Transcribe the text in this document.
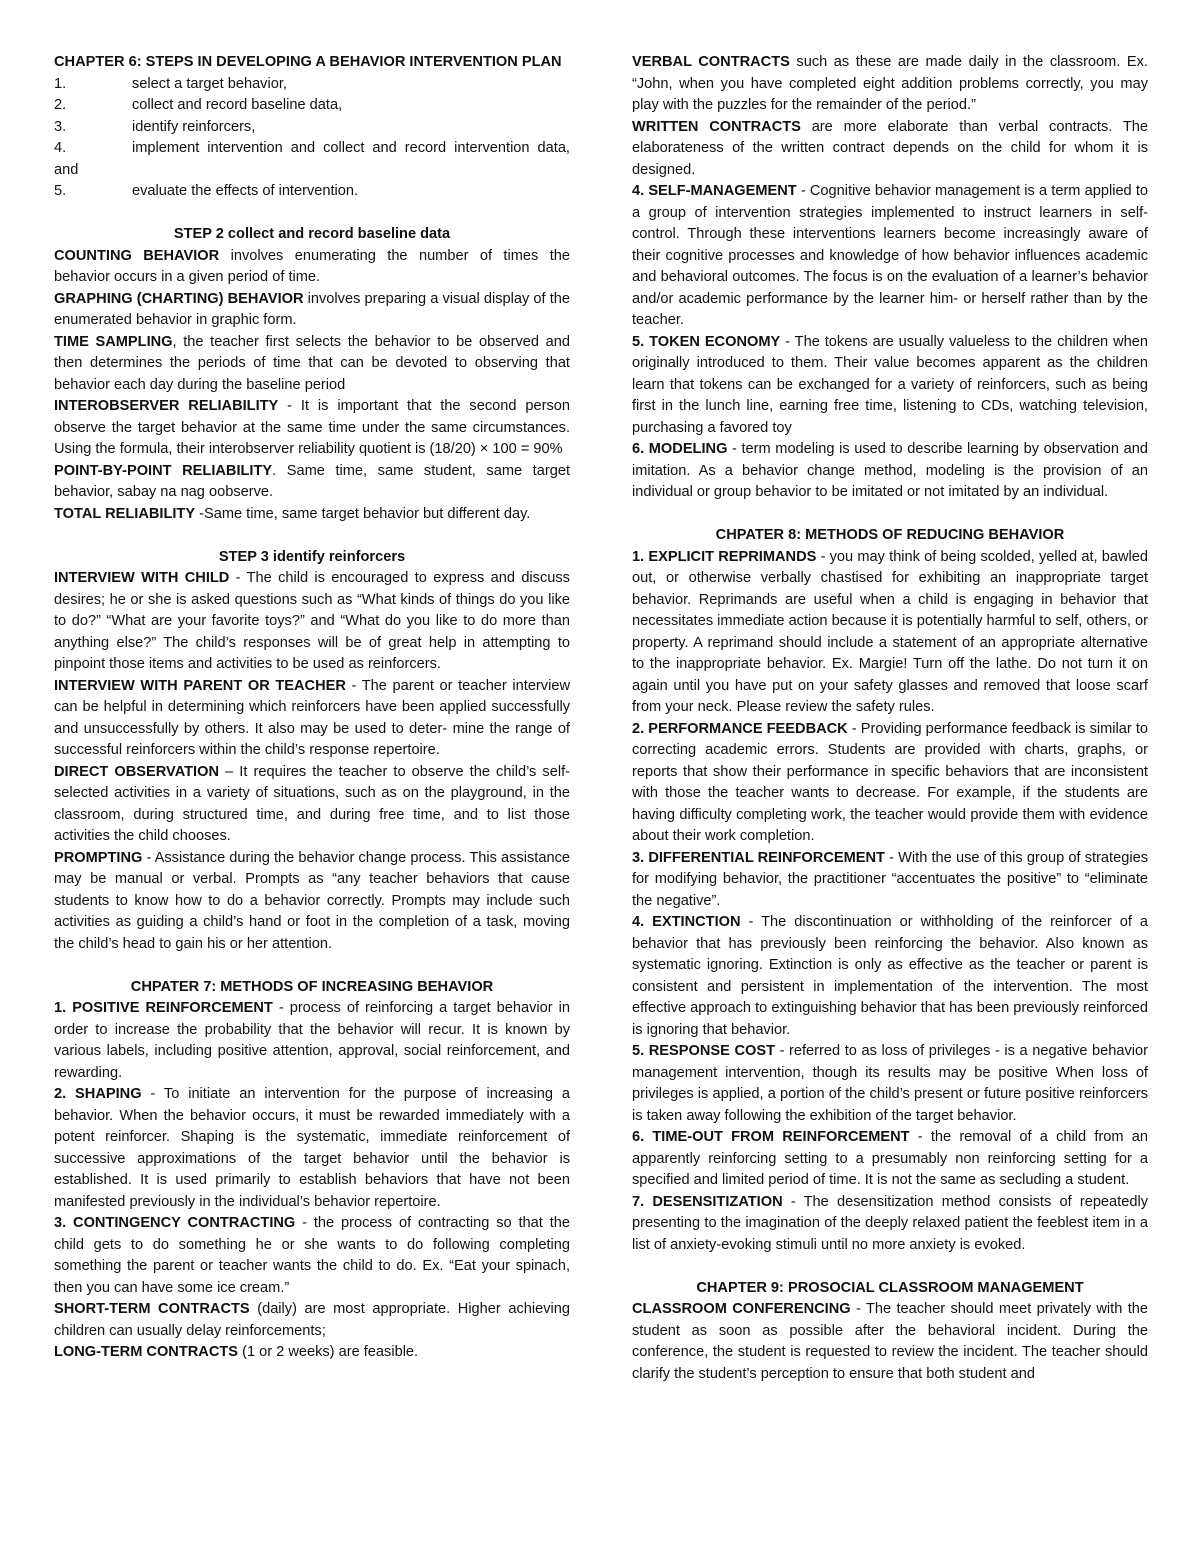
CHAPTER 6: STEPS IN DEVELOPING A BEHAVIOR INTERVENTION PLAN

1.	select a target behavior,

2.	collect and record baseline data,

3.	identify reinforcers,

4.	implement intervention and collect and record intervention data, and

5.	evaluate the effects of intervention.

STEP 2 collect and record baseline data

COUNTING BEHAVIOR involves enumerating the number of times the behavior occurs in a given period of time.

GRAPHING (CHARTING) BEHAVIOR involves preparing a visual display of the enumerated behavior in graphic form.

TIME SAMPLING, the teacher first selects the behavior to be observed and then determines the periods of time that can be devoted to observing that behavior each day during the baseline period

INTEROBSERVER RELIABILITY - It is important that the second person observe the target behavior at the same time under the same circumstances. Using the formula, their interobserver reliability quotient is (18/20) × 100 = 90%

POINT-BY-POINT RELIABILITY. Same time, same student, same target behavior, sabay na nag oobserve.

TOTAL RELIABILITY -Same time, same target behavior but different day.

STEP 3 identify reinforcers

INTERVIEW WITH CHILD - The child is encouraged to express and discuss desires; he or she is asked questions such as “What kinds of things do you like to do?” “What are your favorite toys?” and “What do you like to do more than anything else?” The child’s responses will be of great help in attempting to pinpoint those items and activities to be used as reinforcers.

INTERVIEW WITH PARENT OR TEACHER - The parent or teacher interview can be helpful in determining which reinforcers have been applied successfully and unsuccessfully by others. It also may be used to deter- mine the range of successful reinforcers within the child’s response repertoire.

DIRECT OBSERVATION – It requires the teacher to observe the child’s self-selected activities in a variety of situations, such as on the playground, in the classroom, during structured time, and during free time, and to list those activities the child chooses.

PROMPTING - Assistance during the behavior change process. This assistance may be manual or verbal. Prompts as “any teacher behaviors that cause students to know how to do a behavior correctly. Prompts may include such activities as guiding a child’s hand or foot in the completion of a task, moving the child’s head to gain his or her attention.

CHPATER 7: METHODS OF INCREASING BEHAVIOR

1. POSITIVE REINFORCEMENT - process of reinforcing a target behavior in order to increase the probability that the behavior will recur. It is known by various labels, including positive attention, approval, social reinforcement, and rewarding.

2. SHAPING - To initiate an intervention for the purpose of increasing a behavior. When the behavior occurs, it must be rewarded immediately with a potent reinforcer. Shaping is the systematic, immediate reinforcement of successive approximations of the target behavior until the behavior is established. It is used primarily to establish behaviors that have not been manifested previously in the individual’s behavior repertoire.

3. CONTINGENCY CONTRACTING - the process of contracting so that the child gets to do something he or she wants to do following completing something the parent or teacher wants the child to do. Ex. “Eat your spinach, then you can have some ice cream.”

SHORT-TERM CONTRACTS (daily) are most appropriate. Higher achieving children can usually delay reinforcements;

LONG-TERM CONTRACTS (1 or 2 weeks) are feasible.

VERBAL CONTRACTS such as these are made daily in the classroom. Ex. “John, when you have completed eight addition problems correctly, you may play with the puzzles for the remainder of the period.”

WRITTEN CONTRACTS are more elaborate than verbal contracts. The elaborateness of the written contract depends on the child for whom it is designed.

4. SELF-MANAGEMENT - Cognitive behavior management is a term applied to a group of intervention strategies implemented to instruct learners in self-control. Through these interventions learners become increasingly aware of their cognitive processes and knowledge of how behavior influences academic and behavioral outcomes. The focus is on the evaluation of a learner’s behavior and/or academic performance by the learner him- or herself rather than by the teacher.

5. TOKEN ECONOMY - The tokens are usually valueless to the children when originally introduced to them. Their value becomes apparent as the children learn that tokens can be exchanged for a variety of reinforcers, such as being first in the lunch line, earning free time, listening to CDs, watching television, purchasing a favored toy

6. MODELING - term modeling is used to describe learning by observation and imitation. As a behavior change method, modeling is the provision of an individual or group behavior to be imitated or not imitated by an individual.

CHPATER 8: METHODS OF REDUCING BEHAVIOR

1. EXPLICIT REPRIMANDS - you may think of being scolded, yelled at, bawled out, or otherwise verbally chastised for exhibiting an inappropriate target behavior. Reprimands are useful when a child is engaging in behavior that necessitates immediate action because it is potentially harmful to self, others, or property. A reprimand should include a statement of an appropriate alternative to the inappropriate behavior. Ex. Margie! Turn off the lathe. Do not turn it on again until you have put on your safety glasses and removed that loose scarf from your neck. Please review the safety rules.

2. PERFORMANCE FEEDBACK - Providing performance feedback is similar to correcting academic errors. Students are provided with charts, graphs, or reports that show their performance in specific behaviors that are inconsistent with those the teacher wants to decrease. For example, if the students are having difficulty completing work, the teacher would provide them with evidence about their work completion.

3. DIFFERENTIAL REINFORCEMENT - With the use of this group of strategies for modifying behavior, the practitioner “accentuates the positive” to “eliminate the negative”.

4. EXTINCTION - The discontinuation or withholding of the reinforcer of a behavior that has previously been reinforcing the behavior. Also known as systematic ignoring. Extinction is only as effective as the teacher or parent is consistent and persistent in implementation of the intervention. The most effective approach to extinguishing behavior that has been previously reinforced is ignoring that behavior.

5. RESPONSE COST - referred to as loss of privileges - is a negative behavior management intervention, though its results may be positive When loss of privileges is applied, a portion of the child’s present or future positive reinforcers is taken away following the exhibition of the target behavior.

6. TIME-OUT FROM REINFORCEMENT - the removal of a child from an apparently reinforcing setting to a presumably non reinforcing setting for a specified and limited period of time. It is not the same as secluding a student.

7. DESENSITIZATION - The desensitization method consists of repeatedly presenting to the imagination of the deeply relaxed patient the feeblest item in a list of anxiety-evoking stimuli until no more anxiety is evoked.

CHAPTER 9: PROSOCIAL CLASSROOM MANAGEMENT

CLASSROOM CONFERENCING - The teacher should meet privately with the student as soon as possible after the behavioral incident. During the conference, the student is requested to review the incident. The teacher should clarify the student’s perception to ensure that both student and
